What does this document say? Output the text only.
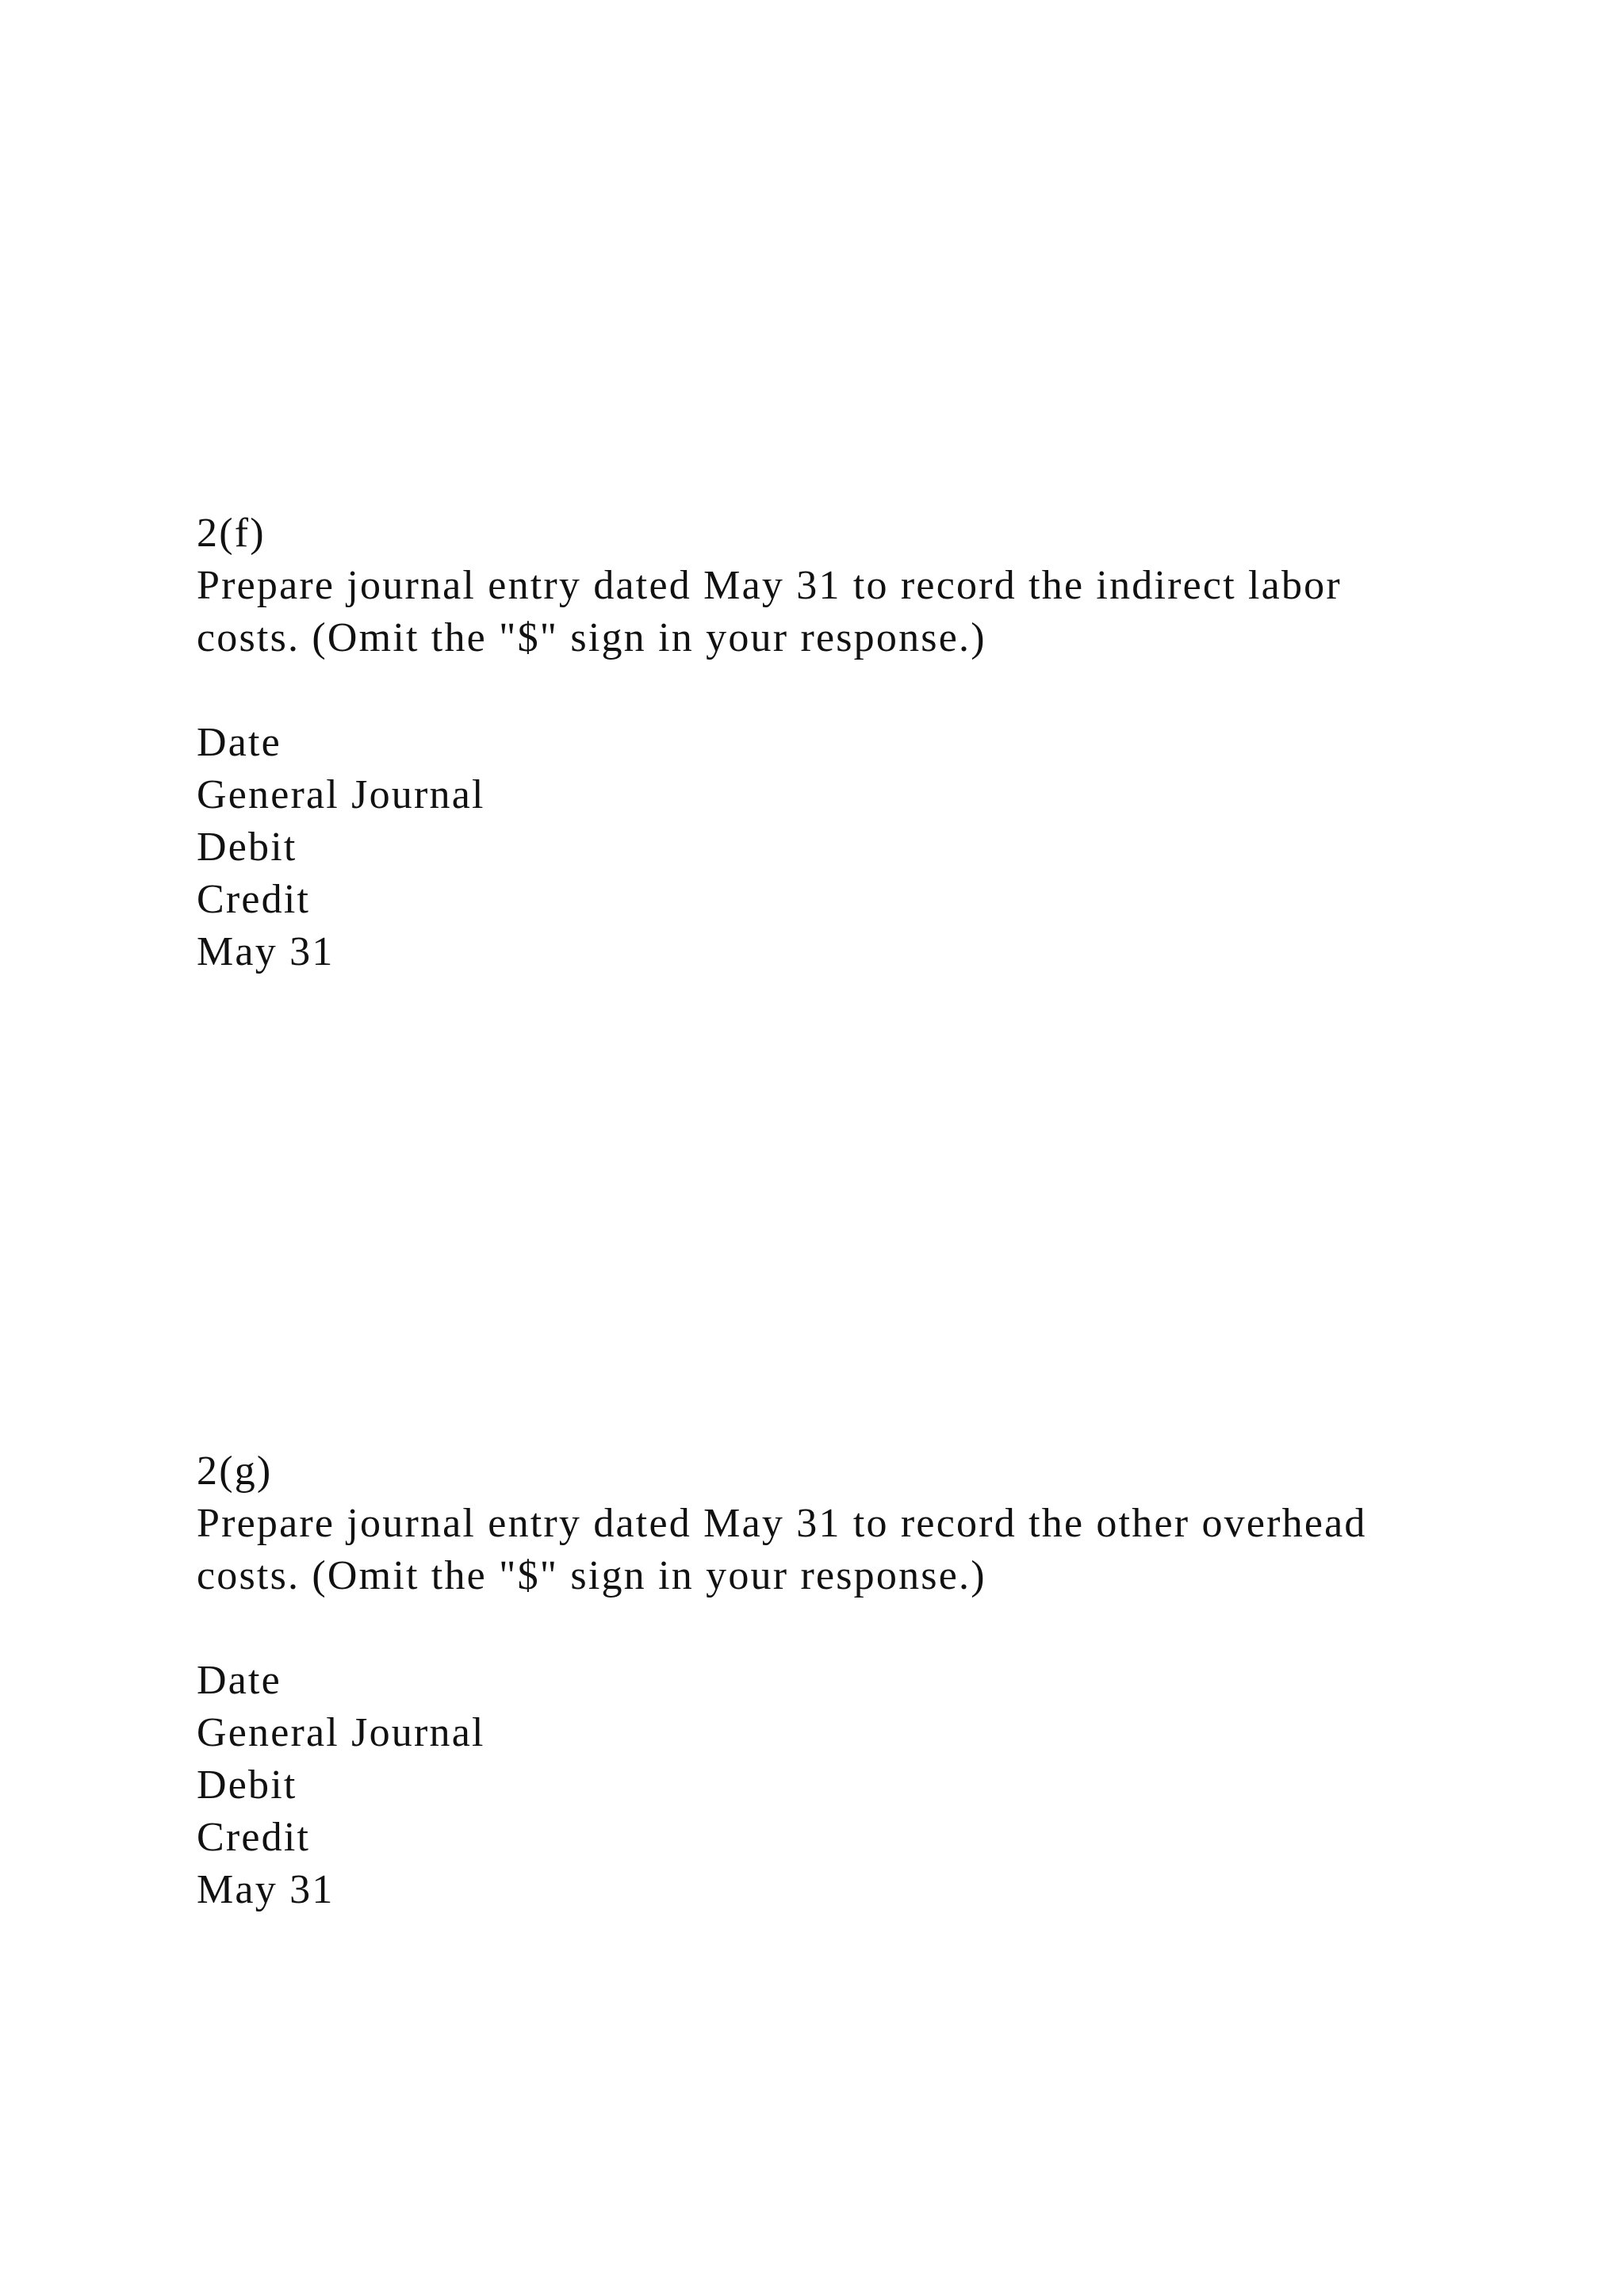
2(f)
Prepare journal entry dated May 31 to record the indirect labor
costs. (Omit the "$" sign in your response.)
Date
General Journal
Debit
Credit
May 31
2(g)
Prepare journal entry dated May 31 to record the other overhead
costs. (Omit the "$" sign in your response.)
Date
General Journal
Debit
Credit
May 31
